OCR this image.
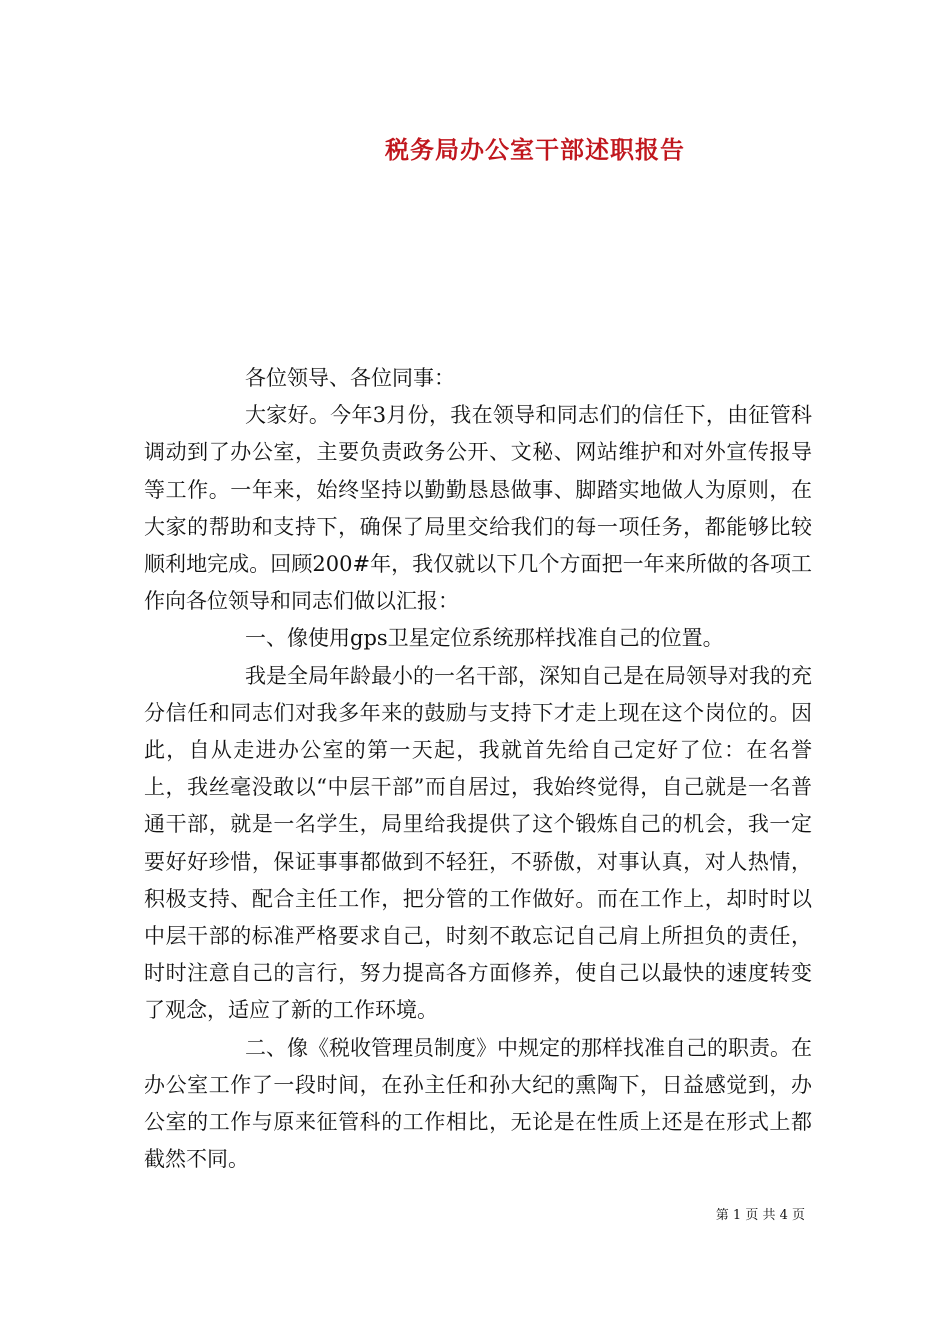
税务局办公室干部述职报告

各位领导、各位同事：

大家好。今年3月份，我在领导和同志们的信任下，由征管科调动到了办公室，主要负责政务公开、文秘、网站维护和对外宣传报导等工作。一年来，始终坚持以勤勤恳恳做事、脚踏实地做人为原则，在大家的帮助和支持下，确保了局里交给我们的每一项任务，都能够比较顺利地完成。回顾200#年，我仅就以下几个方面把一年来所做的各项工作向各位领导和同志们做以汇报：

一、像使用gps卫星定位系统那样找准自己的位置。

我是全局年龄最小的一名干部，深知自己是在局领导对我的充分信任和同志们对我多年来的鼓励与支持下才走上现在这个岗位的。因此，自从走进办公室的第一天起，我就首先给自己定好了位：在名誉上，我丝毫没敢以“中层干部”而自居过，我始终觉得，自己就是一名普通干部，就是一名学生，局里给我提供了这个锻炼自己的机会，我一定要好好珍惜，保证事事都做到不轻狂，不骄傲，对事认真，对人热情，积极支持、配合主任工作，把分管的工作做好。而在工作上，却时时以中层干部的标准严格要求自己，时刻不敢忘记自己肩上所担负的责任，时时注意自己的言行，努力提高各方面修养，使自己以最快的速度转变了观念，适应了新的工作环境。

二、像《税收管理员制度》中规定的那样找准自己的职责。在办公室工作了一段时间，在孙主任和孙大纪的熏陶下，日益感觉到，办公室的工作与原来征管科的工作相比，无论是在性质上还是在形式上都截然不同。

第 1 页 共 4 页
